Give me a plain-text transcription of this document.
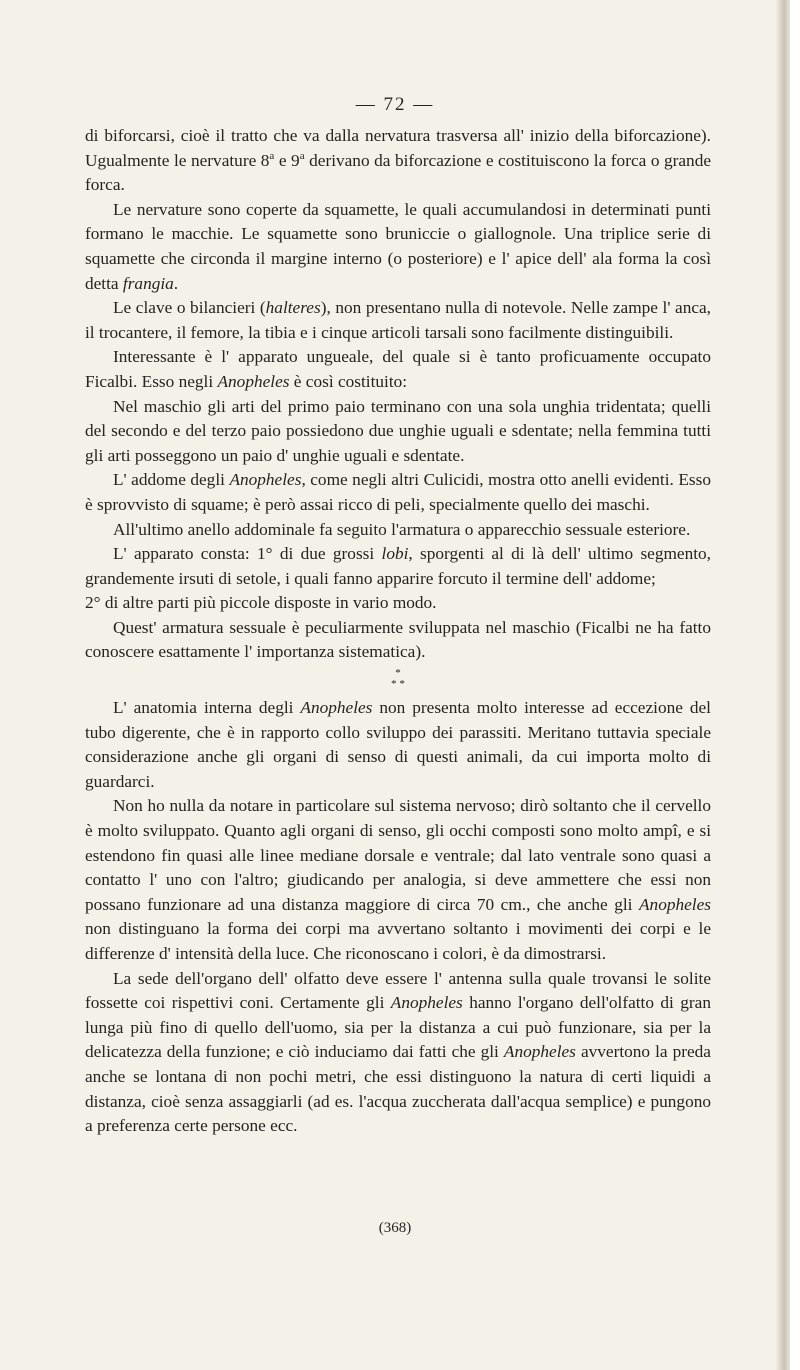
— 72 —

di biforcarsi, cioè il tratto che va dalla nervatura trasversa all' inizio della biforcazione). Ugualmente le nervature 8$^a$ e 9$^a$ derivano da biforcazione e costituiscono la forca o grande forca.

Le nervature sono coperte da squamette, le quali accumulandosi in determinati punti formano le macchie. Le squamette sono bruniccie o giallognole. Una triplice serie di squamette che circonda il margine interno (o posteriore) e l' apice dell' ala forma la così detta frangia.

Le clave o bilancieri (halteres), non presentano nulla di notevole. Nelle zampe l' anca, il trocantere, il femore, la tibia e i cinque articoli tarsali sono facilmente distinguibili.

Interessante è l' apparato ungueale, del quale si è tanto proficuamente occupato Ficalbi. Esso negli Anopheles è così costituito:

Nel maschio gli arti del primo paio terminano con una sola unghia tridentata; quelli del secondo e del terzo paio possiedono due unghie uguali e sdentate; nella femmina tutti gli arti posseggono un paio d' unghie uguali e sdentate.

L' addome degli Anopheles, come negli altri Culicidi, mostra otto anelli evidenti. Esso è sprovvisto di squame; è però assai ricco di peli, specialmente quello dei maschi.

All'ultimo anello addominale fa seguito l'armatura o apparecchio sessuale esteriore.

L' apparato consta: 1° di due grossi lobi, sporgenti al di là dell' ultimo segmento, grandemente irsuti di setole, i quali fanno apparire forcuto il termine dell' addome;

2° di altre parti più piccole disposte in vario modo.

Quest' armatura sessuale è peculiarmente sviluppata nel maschio (Ficalbi ne ha fatto conoscere esattamente l' importanza sistematica).

*
* *

L' anatomia interna degli Anopheles non presenta molto interesse ad eccezione del tubo digerente, che è in rapporto collo sviluppo dei parassiti. Meritano tuttavia speciale considerazione anche gli organi di senso di questi animali, da cui importa molto di guardarci.

Non ho nulla da notare in particolare sul sistema nervoso; dirò soltanto che il cervello è molto sviluppato. Quanto agli organi di senso, gli occhi composti sono molto ampî, e si estendono fin quasi alle linee mediane dorsale e ventrale; dal lato ventrale sono quasi a contatto l' uno con l'altro; giudicando per analogia, si deve ammettere che essi non possano funzionare ad una distanza maggiore di circa 70 cm., che anche gli Anopheles non distinguano la forma dei corpi ma avvertano soltanto i movimenti dei corpi e le differenze d' intensità della luce. Che riconoscano i colori, è da dimostrarsi.

La sede dell'organo dell' olfatto deve essere l' antenna sulla quale trovansi le solite fossette coi rispettivi coni. Certamente gli Anopheles hanno l'organo dell'olfatto di gran lunga più fino di quello dell'uomo, sia per la distanza a cui può funzionare, sia per la delicatezza della funzione; e ciò induciamo dai fatti che gli Anopheles avvertono la preda anche se lontana di non pochi metri, che essi distinguono la natura di certi liquidi a distanza, cioè senza assaggiarli (ad es. l'acqua zuccherata dall'acqua semplice) e pungono a preferenza certe persone ecc.

(368)
